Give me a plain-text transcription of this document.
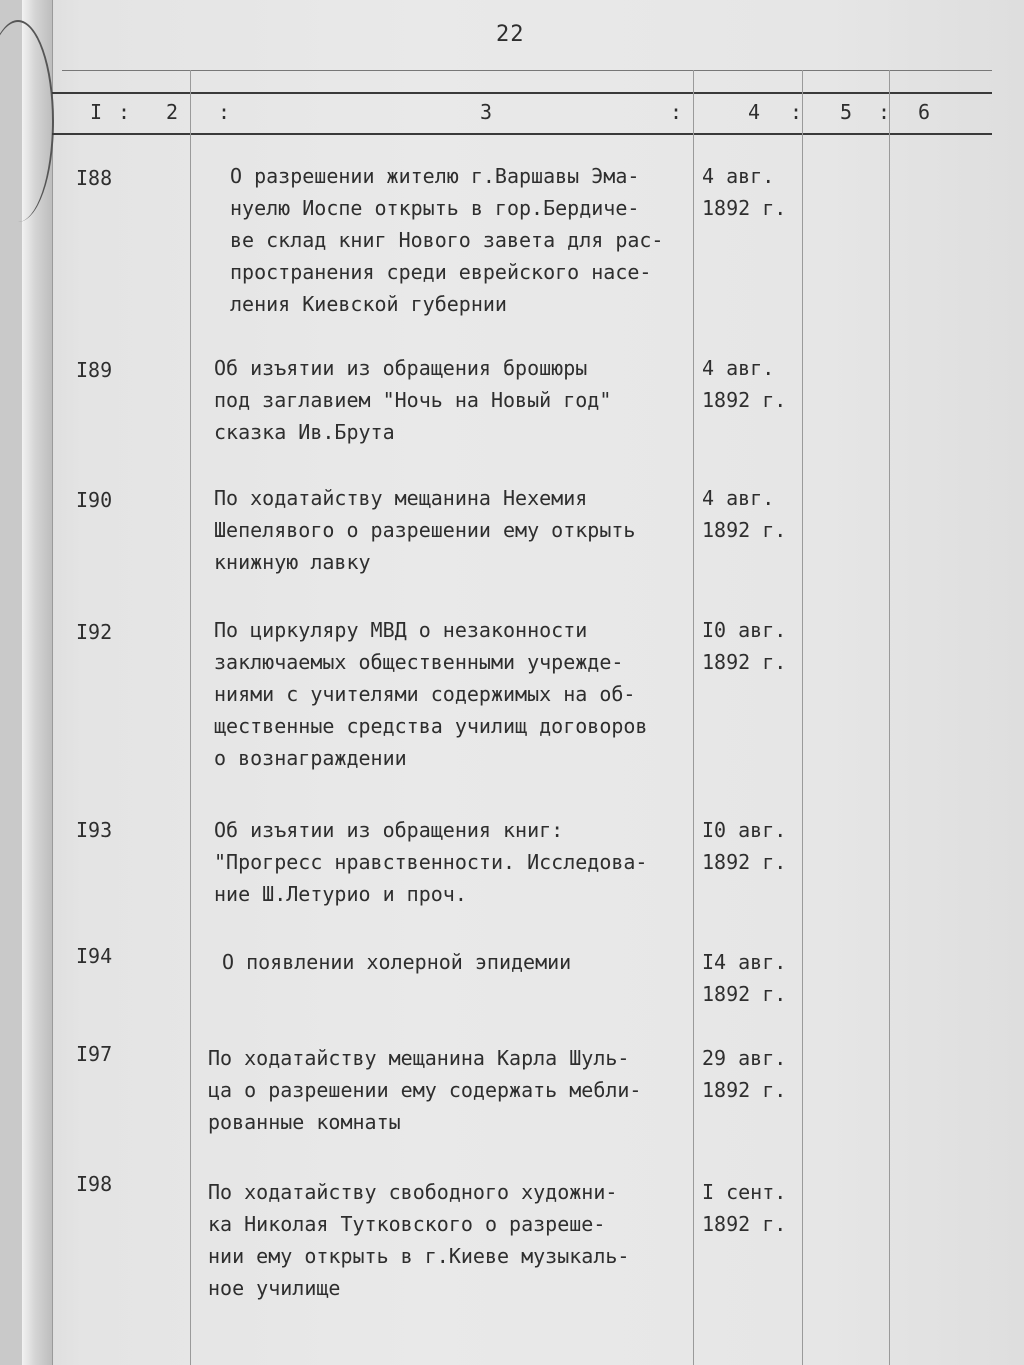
22
I : 2 :	3	:	4 : 5 : 6
I88	О разрешении жителю г.Варшавы Эма-
нуелю Иоспе открыть в гор.Бердиче-
ве склад книг Нового завета для рас-
пространения среди еврейского насе-
ления Киевской губернии
4 авг.
1892 г.
I89	Об изъятии из обращения брошюры
под заглавием "Ночь на Новый год"
сказка Ив.Брута
4 авг.
1892 г.
I90	По ходатайству мещанина Нехемия
Шепелявого о разрешении ему открыть
книжную лавку
4 авг.
1892 г.
I92	По циркуляру МВД о незаконности
заключаемых общественными учрежде-
ниями с учителями содержимых на об-
щественные средства училищ договоров
о вознаграждении
I0 авг.
1892 г.
I93	Об изъятии из обращения книг:
"Прогресс нравственности. Исследова-
ние Ш.Летурио и проч.
I0 авг.
1892 г.
I94	О появлении холерной эпидемии	I4 авг.
1892 г.
I97	По ходатайству мещанина Карла Шуль-
ца о разрешении ему содержать мебли-
рованные комнаты
29 авг.
1892 г.
I98	По ходатайству свободного художни-
ка Николая Тутковского о разреше-
нии ему открыть в г.Киеве музыкаль-
ное училище
I сент.
1892 г.
